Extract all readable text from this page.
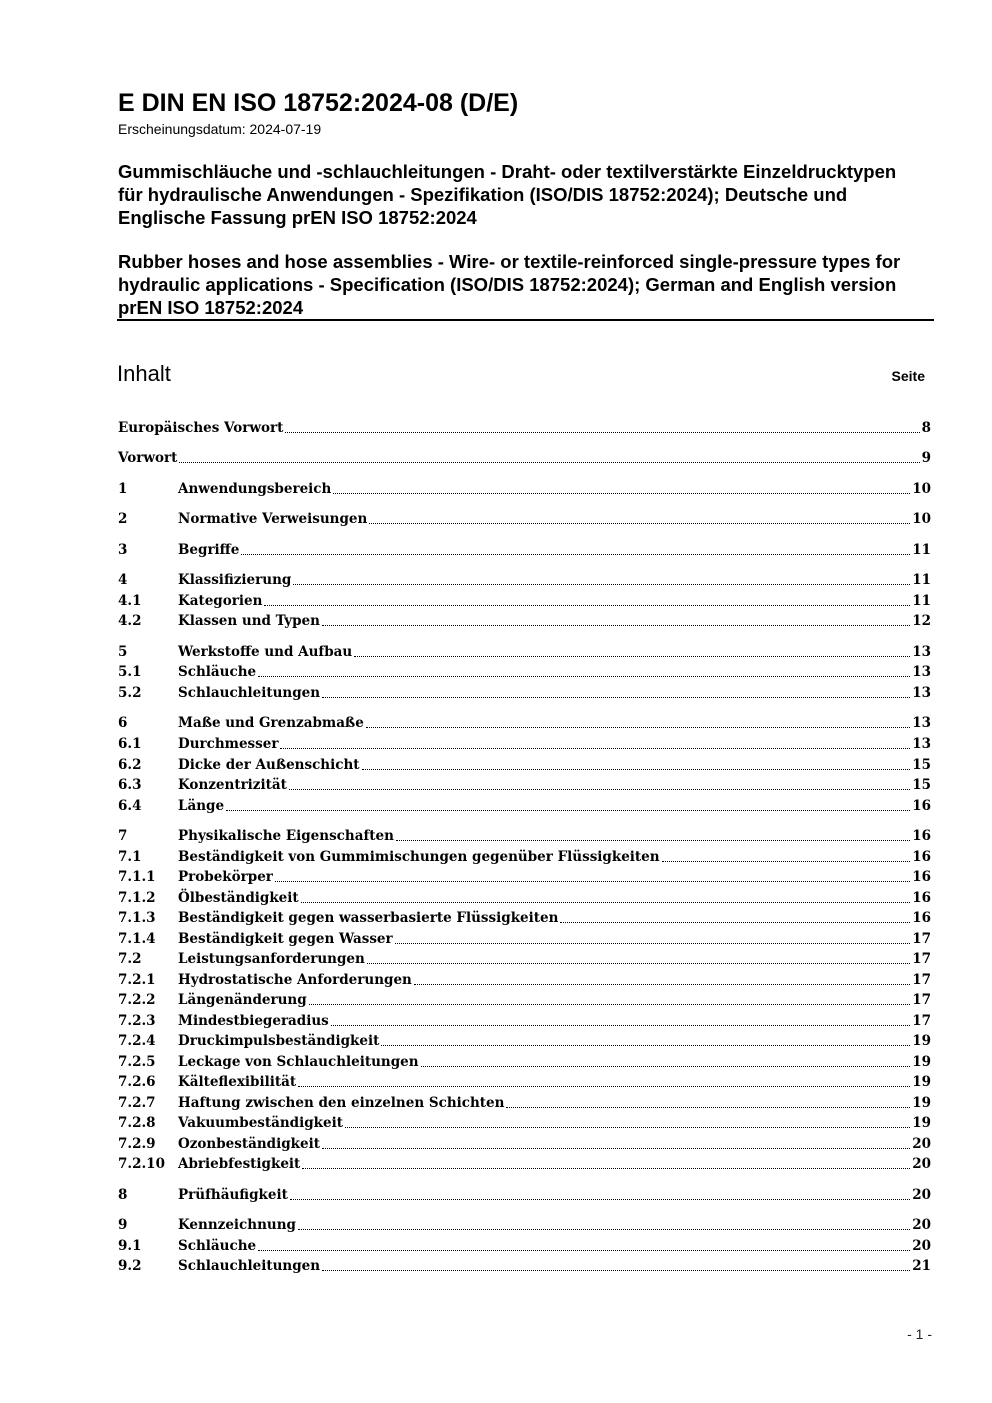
E DIN EN ISO 18752:2024-08 (D/E)
Erscheinungsdatum: 2024-07-19
Gummischläuche und -schlauchleitungen - Draht- oder textilverstärkte Einzeldrucktypen für hydraulische Anwendungen - Spezifikation (ISO/DIS 18752:2024); Deutsche und Englische Fassung prEN ISO 18752:2024
Rubber hoses and hose assemblies - Wire- or textile-reinforced single-pressure types for hydraulic applications - Specification (ISO/DIS 18752:2024); German and English version prEN ISO 18752:2024
Inhalt	Seite
Europäisches Vorwort	8
Vorwort	9
1	Anwendungsbereich	10
2	Normative Verweisungen	10
3	Begriffe	11
4	Klassifizierung	11
4.1	Kategorien	11
4.2	Klassen und Typen	12
5	Werkstoffe und Aufbau	13
5.1	Schläuche	13
5.2	Schlauchleitungen	13
6	Maße und Grenzabmaße	13
6.1	Durchmesser	13
6.2	Dicke der Außenschicht	15
6.3	Konzentrizität	15
6.4	Länge	16
7	Physikalische Eigenschaften	16
7.1	Beständigkeit von Gummimischungen gegenüber Flüssigkeiten	16
7.1.1	Probekörper	16
7.1.2	Ölbeständigkeit	16
7.1.3	Beständigkeit gegen wasserbasierte Flüssigkeiten	16
7.1.4	Beständigkeit gegen Wasser	17
7.2	Leistungsanforderungen	17
7.2.1	Hydrostatische Anforderungen	17
7.2.2	Längenänderung	17
7.2.3	Mindestbiegeradius	17
7.2.4	Druckimpulsbeständigkeit	19
7.2.5	Leckage von Schlauchleitungen	19
7.2.6	Kälteflexibilität	19
7.2.7	Haftung zwischen den einzelnen Schichten	19
7.2.8	Vakuumbeständigkeit	19
7.2.9	Ozonbeständigkeit	20
7.2.10 Abriebfestigkeit	20
8	Prüfhäufigkeit	20
9	Kennzeichnung	20
9.1	Schläuche	20
9.2	Schlauchleitungen	21
- 1 -
